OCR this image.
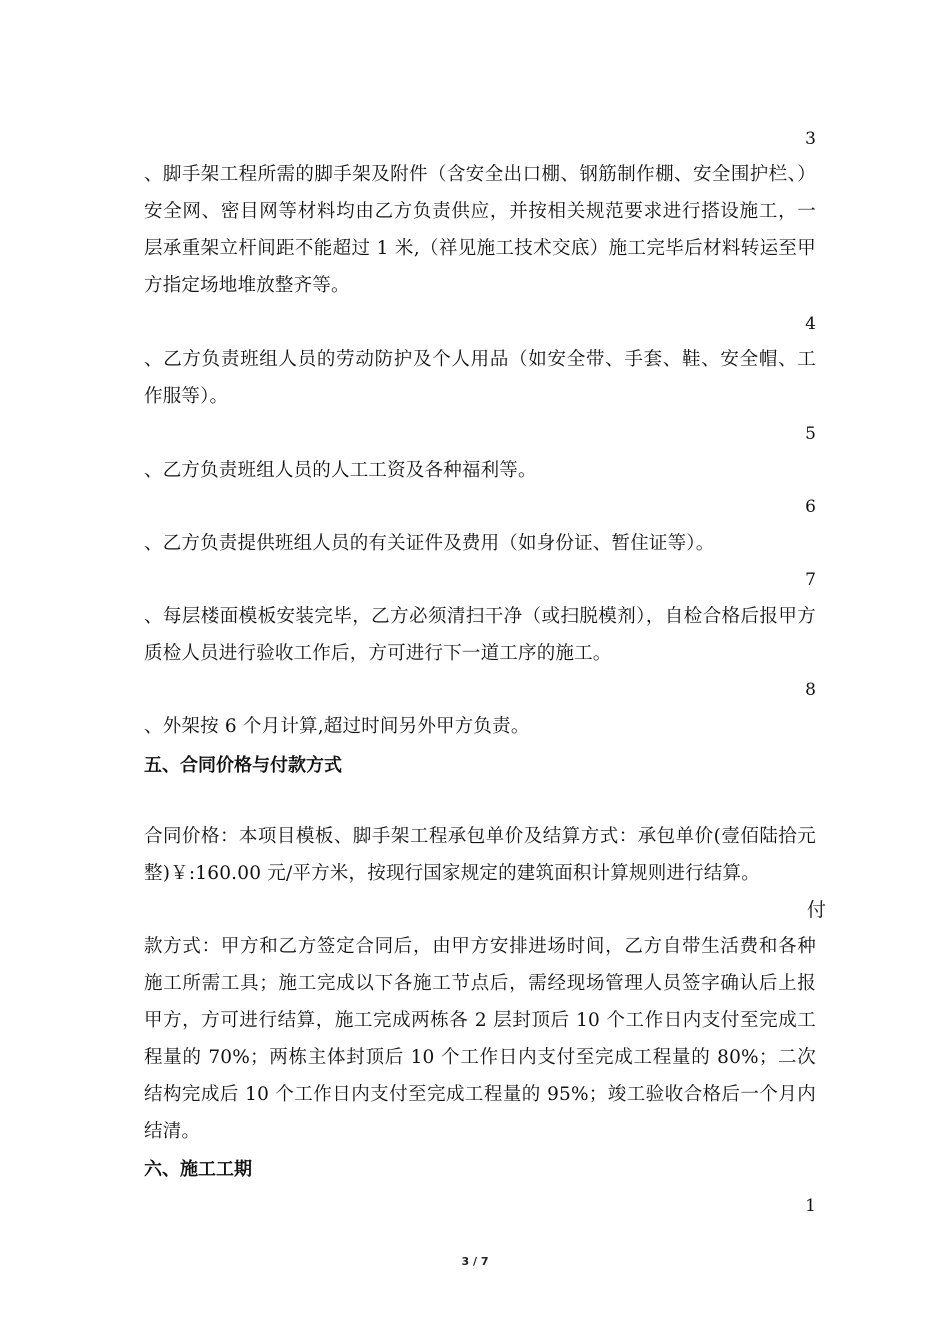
3
、脚手架工程所需的脚手架及附件（含安全出口棚、钢筋制作棚、安全围护栏、）安全网、密目网等材料均由乙方负责供应，并按相关规范要求进行搭设施工，一层承重架立杆间距不能超过 1 米,（祥见施工技术交底）施工完毕后材料转运至甲方指定场地堆放整齐等。
4
、乙方负责班组人员的劳动防护及个人用品（如安全带、手套、鞋、安全帽、工作服等）。
5
、乙方负责班组人员的人工工资及各种福利等。
6
、乙方负责提供班组人员的有关证件及费用（如身份证、暂住证等）。
7
、每层楼面模板安装完毕，乙方必须清扫干净（或扫脱模剂），自检合格后报甲方质检人员进行验收工作后，方可进行下一道工序的施工。
8
、外架按 6 个月计算,超过时间另外甲方负责。
五、合同价格与付款方式
合同价格：本项目模板、脚手架工程承包单价及结算方式：承包单价(壹佰陆拾元整)￥:160.00 元/平方米，按现行国家规定的建筑面积计算规则进行结算。
付
款方式：甲方和乙方签定合同后，由甲方安排进场时间，乙方自带生活费和各种施工所需工具；施工完成以下各施工节点后，需经现场管理人员签字确认后上报甲方，方可进行结算，施工完成两栋各 2 层封顶后 10 个工作日内支付至完成工程量的 70%；两栋主体封顶后 10 个工作日内支付至完成工程量的 80%；二次结构完成后 10 个工作日内支付至完成工程量的 95%；竣工验收合格后一个月内结清。
六、施工工期
1
3 / 7
